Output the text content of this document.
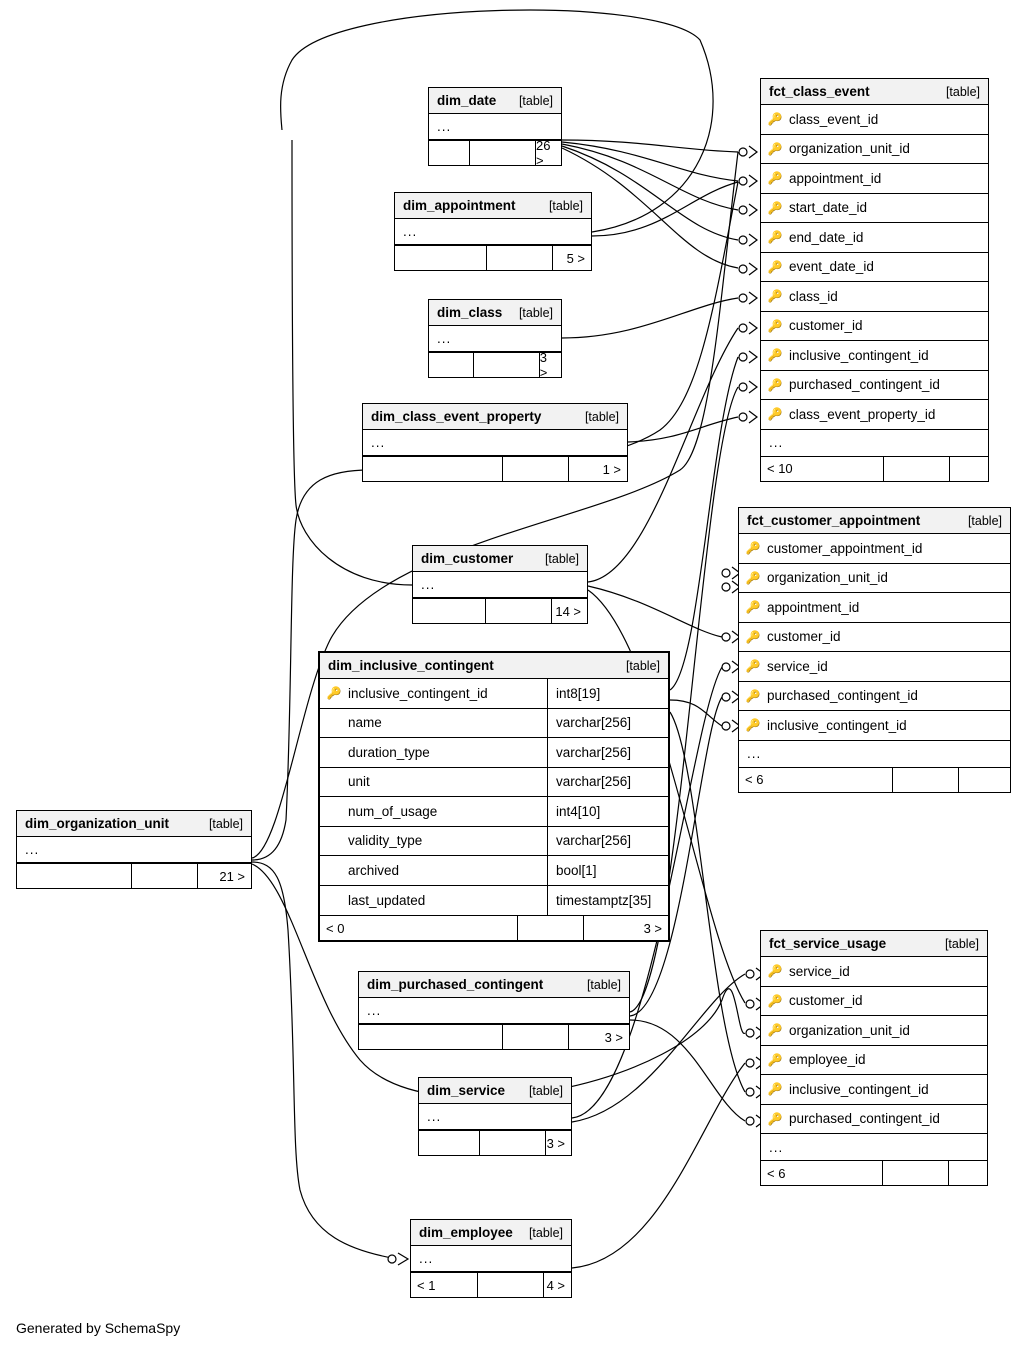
dim_date [table]
...
26 >
dim_appointment	[table]
...
5 >
dim_class [table]
...
3 >
dim_class_event_property	[table]
...
1 >
dim_customer	[table]
...
14 >
dim_organization_unit	[table]
...
21 >
dim_inclusive_contingent	[table]
🔑 inclusive_contingent_id	int8[19]
name	varchar[256]
duration_type	varchar[256]
unit	varchar[256]
num_of_usage	int4[10]
validity_type	varchar[256]
archived	bool[1]
last_updated	timestamptz[35]
< 0	3 >
dim_purchased_contingent	[table]
...
3 >
dim_service [table]
...
3 >
dim_employee [table]
...
< 1	4 >
fct_class_event	[table]
🔑 class_event_id
🔑 organization_unit_id
🔑 appointment_id
🔑 start_date_id
🔑 end_date_id
🔑 event_date_id
🔑 class_id
🔑 customer_id
🔑 inclusive_contingent_id
🔑 purchased_contingent_id
🔑 class_event_property_id
...
< 10
fct_customer_appointment	[table]
🔑 customer_appointment_id
🔑 organization_unit_id
🔑 appointment_id
🔑 customer_id
🔑 service_id
🔑 purchased_contingent_id
🔑 inclusive_contingent_id
...
< 6
fct_service_usage	[table]
🔑 service_id
🔑 customer_id
🔑 organization_unit_id
🔑 employee_id
🔑 inclusive_contingent_id
🔑 purchased_contingent_id
...
< 6
Generated by SchemaSpy
